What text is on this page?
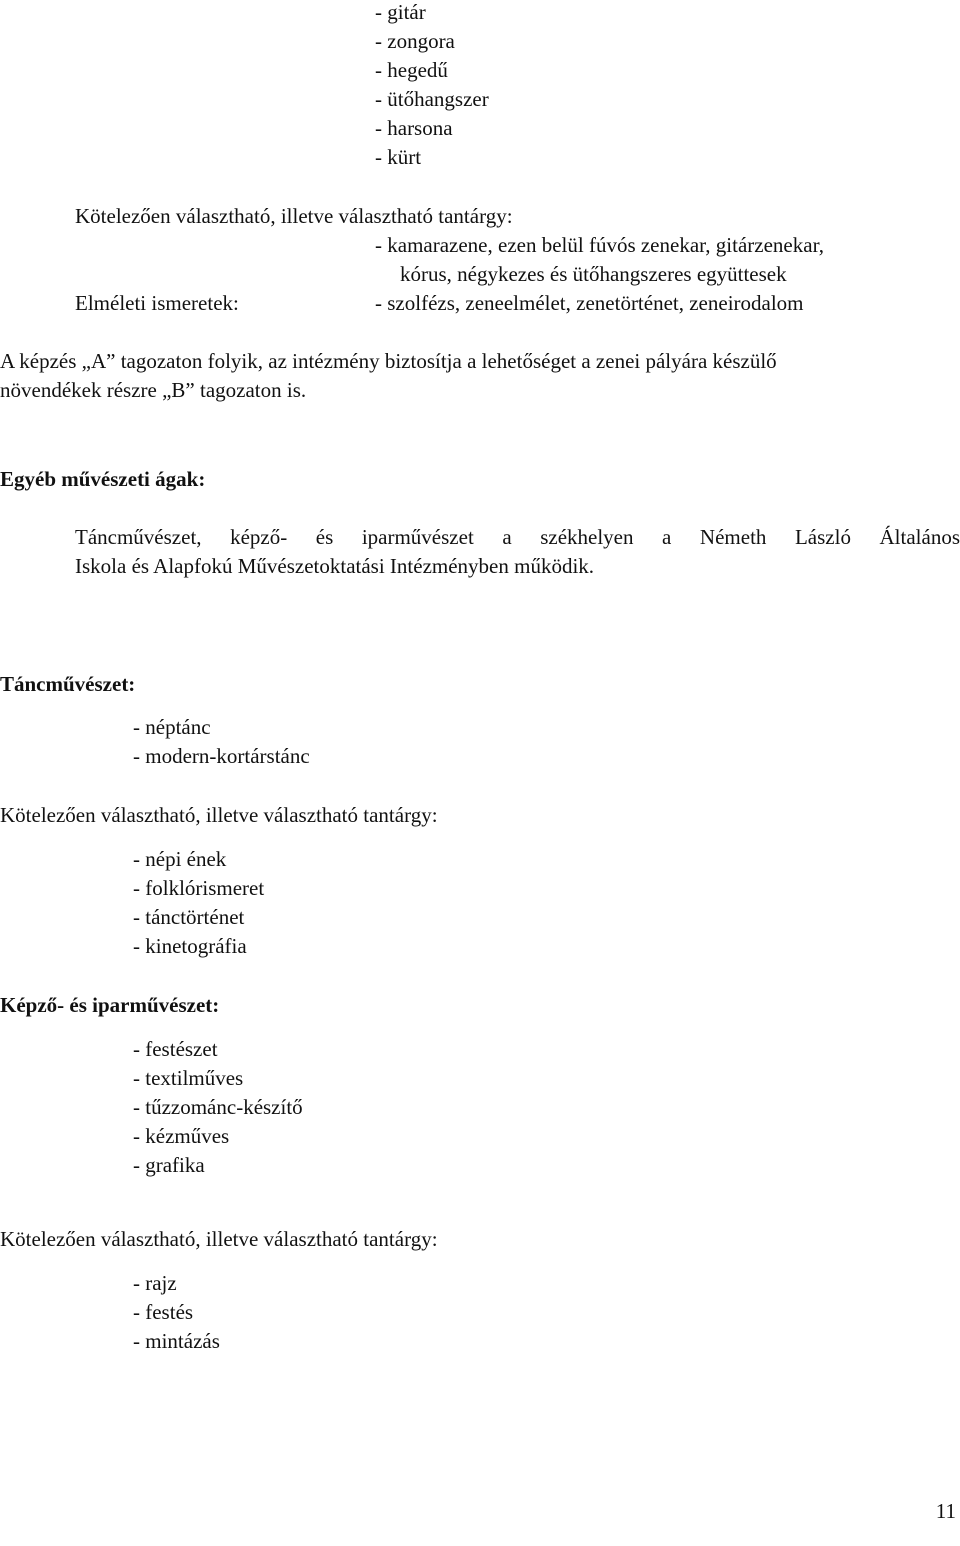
- gitár
- zongora
- hegedű
- ütőhangszer
- harsona
- kürt
Kötelezően választható, illetve választható tantárgy:
- kamarazene, ezen belül fúvós zenekar, gitárzenekar,
kórus, négykezes és ütőhangszeres együttesek
Elméleti ismeretek:	- szolfézs, zeneelmélet, zenetörténet, zeneirodalom
A képzés „A” tagozaton folyik, az intézmény biztosítja a lehetőséget a zenei pályára készülő
növendékek részre „B” tagozaton is.
Egyéb művészeti ágak:
Táncművészet, képző- és iparművészet a székhelyen a Németh László Általános
Iskola és Alapfokú Művészetoktatási Intézményben működik.
Táncművészet:
- néptánc
- modern-kortárstánc
Kötelezően választható, illetve választható tantárgy:
- népi ének
- folklórismeret
- tánctörténet
- kinetográfia
Képző- és iparművészet:
- festészet
- textilműves
- tűzzománc-készítő
- kézműves
- grafika
Kötelezően választható, illetve választható tantárgy:
- rajz
- festés
- mintázás
11
